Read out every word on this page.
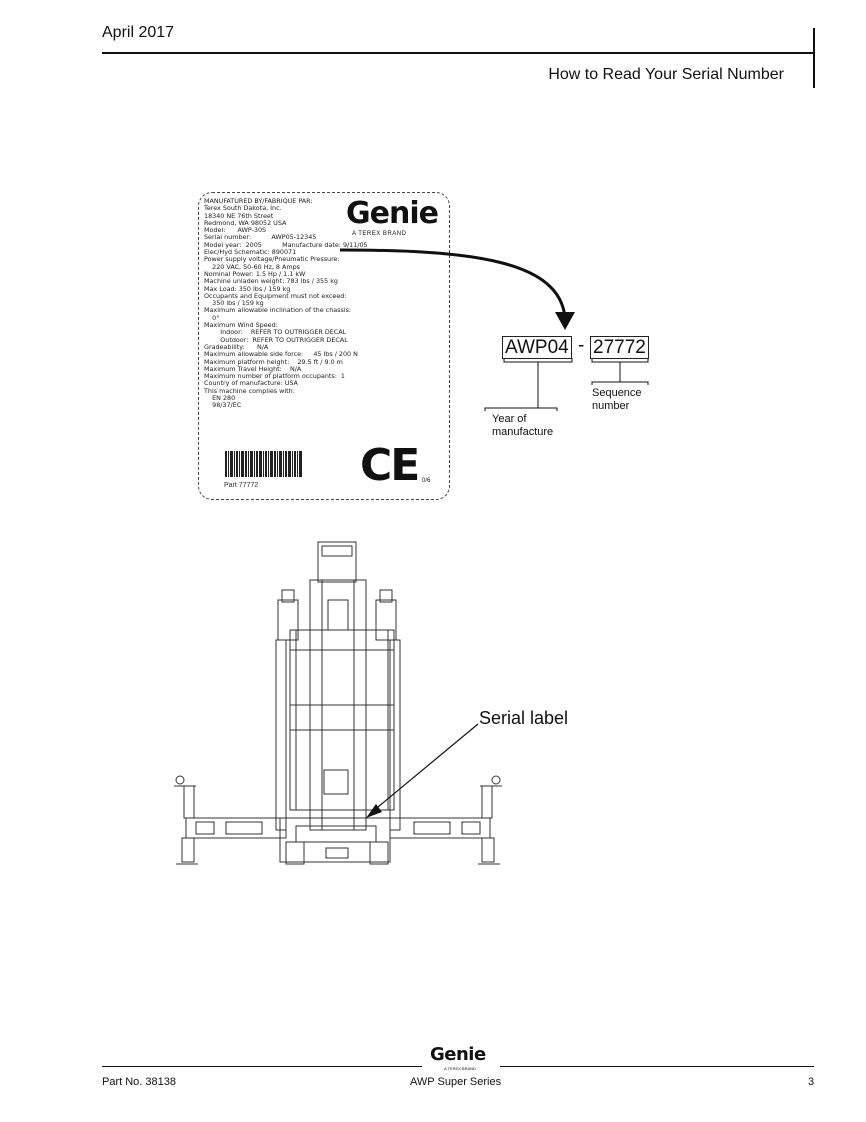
April 2017
How to Read Your Serial Number
MANUFATURED BY/FABRIQUE PAR:
Terex South Dakota, Inc.
18340 NE 76th Street
Redmond, WA 98052 USA
Model:      AWP-30S
Serial number:          AWP05-12345
Model year:  2005          Manufacture date: 9/11/05
Elec/Hyd Schematic: 890071
Power supply voltage/Pneumatic Pressure:
220 VAC, 50-60 Hz, 8 Amps
Nominal Power: 1.5 Hp / 1.1 kW
Machine unladen weight: 783 lbs / 355 kg
Max Load: 350 lbs / 159 kg
Occupants and Equipment must not exceed:
350 lbs / 159 kg
Maximum allowable inclination of the chassis:
0°
Maximum Wind Speed:
Indoor:    REFER TO OUTRIGGER DECAL
Outdoor:  REFER TO OUTRIGGER DECAL
Gradeability:      N/A
Maximum allowable side force:     45 lbs / 200 N
Maximum platform height:    29.5 ft / 9.0 m
Maximum Travel Height:    N/A
Maximum number of platform occupants:  1
Country of manufacture: USA
This machine complies with:
EN 280
98/37/EC
Genie
A TEREX BRAND
Part 77772 CE 0/6
AWP04 - 27772
Sequence
number
Year of
manufacture
Serial label
Genie
A TEREX BRAND
Part No. 38138	AWP Super Series	3
